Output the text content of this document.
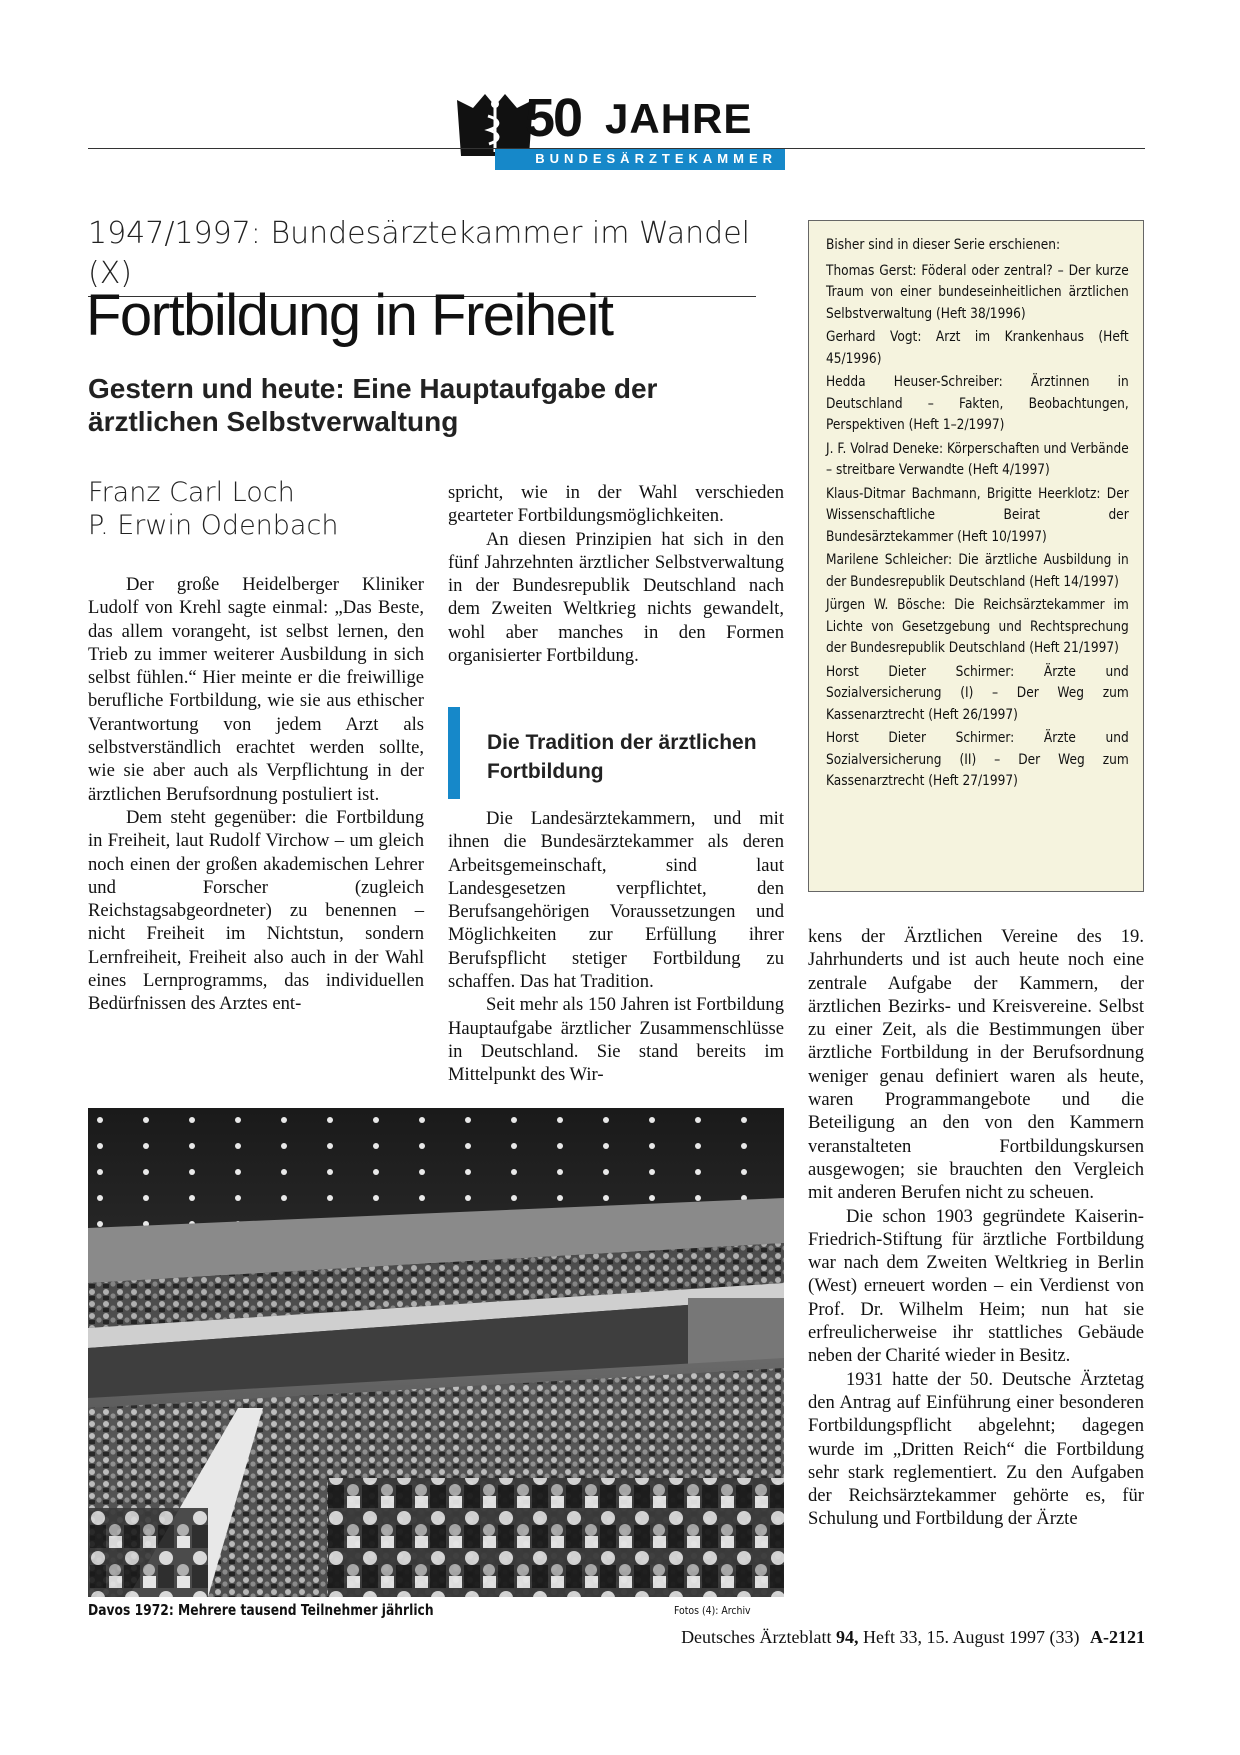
50 JAHRE
BUNDESÄRZTEKAMMER
1947/1997: Bundesärztekammer im Wandel (X)
Fortbildung in Freiheit
Gestern und heute: Eine Hauptaufgabe der ärztlichen Selbstverwaltung
Franz Carl Loch
P. Erwin Odenbach

Der große Heidelberger Kliniker Ludolf von Krehl sagte einmal: „Das Beste, das allem vorangeht, ist selbst lernen, den Trieb zu immer weiterer Ausbildung in sich selbst fühlen.“ Hier meinte er die freiwillige berufliche Fortbildung, wie sie aus ethischer Verantwortung von jedem Arzt als selbstverständlich erachtet werden sollte, wie sie aber auch als Verpflichtung in der ärztlichen Berufsordnung postuliert ist.

Dem steht gegenüber: die Fortbildung in Freiheit, laut Rudolf Virchow – um gleich noch einen der großen akademischen Lehrer und Forscher (zugleich Reichstagsabgeordneter) zu benennen – nicht Freiheit im Nichtstun, sondern Lernfreiheit, Freiheit also auch in der Wahl eines Lernprogramms, das individuellen Bedürfnissen des Arztes ent-

spricht, wie in der Wahl verschieden gearteter Fortbildungsmöglichkeiten.

An diesen Prinzipien hat sich in den fünf Jahrzehnten ärztlicher Selbstverwaltung in der Bundesrepublik Deutschland nach dem Zweiten Weltkrieg nichts gewandelt, wohl aber manches in den Formen organisierter Fortbildung.

Die Tradition der ärztlichen Fortbildung

Die Landesärztekammern, und mit ihnen die Bundesärztekammer als deren Arbeitsgemeinschaft, sind laut Landesgesetzen verpflichtet, den Berufsangehörigen Voraussetzungen und Möglichkeiten zur Erfüllung ihrer Berufspflicht stetiger Fortbildung zu schaffen. Das hat Tradition.

Seit mehr als 150 Jahren ist Fortbildung Hauptaufgabe ärztlicher Zusammenschlüsse in Deutschland. Sie stand bereits im Mittelpunkt des Wir-

Bisher sind in dieser Serie erschienen:
Thomas Gerst: Föderal oder zentral? – Der kurze Traum von einer bundeseinheitlichen ärztlichen Selbstverwaltung (Heft 38/1996)
Gerhard Vogt: Arzt im Krankenhaus (Heft 45/1996)
Hedda Heuser-Schreiber: Ärztinnen in Deutschland – Fakten, Beobachtungen, Perspektiven (Heft 1–2/1997)
J. F. Volrad Deneke: Körperschaften und Verbände – streitbare Verwandte (Heft 4/1997)
Klaus-Ditmar Bachmann, Brigitte Heerklotz: Der Wissenschaftliche Beirat der Bundesärztekammer (Heft 10/1997)
Marilene Schleicher: Die ärztliche Ausbildung in der Bundesrepublik Deutschland (Heft 14/1997)
Jürgen W. Bösche: Die Reichsärztekammer im Lichte von Gesetzgebung und Rechtsprechung der Bundesrepublik Deutschland (Heft 21/1997)
Horst Dieter Schirmer: Ärzte und Sozialversicherung (I) – Der Weg zum Kassenarztrecht (Heft 26/1997)
Horst Dieter Schirmer: Ärzte und Sozialversicherung (II) – Der Weg zum Kassenarztrecht (Heft 27/1997)

kens der Ärztlichen Vereine des 19. Jahrhunderts und ist auch heute noch eine zentrale Aufgabe der Kammern, der ärztlichen Bezirks- und Kreisvereine. Selbst zu einer Zeit, als die Bestimmungen über ärztliche Fortbildung in der Berufsordnung weniger genau definiert waren als heute, waren Programmangebote und die Beteiligung an den von den Kammern veranstalteten Fortbildungskursen ausgewogen; sie brauchten den Vergleich mit anderen Berufen nicht zu scheuen.

Die schon 1903 gegründete Kaiserin-Friedrich-Stiftung für ärztliche Fortbildung war nach dem Zweiten Weltkrieg in Berlin (West) erneuert worden – ein Verdienst von Prof. Dr. Wilhelm Heim; nun hat sie erfreulicherweise ihr stattliches Gebäude neben der Charité wieder in Besitz.

1931 hatte der 50. Deutsche Ärztetag den Antrag auf Einführung einer besonderen Fortbildungspflicht abgelehnt; dagegen wurde im „Dritten Reich“ die Fortbildung sehr stark reglementiert. Zu den Aufgaben der Reichsärztekammer gehörte es, für Schulung und Fortbildung der Ärzte

Davos 1972: Mehrere tausend Teilnehmer jährlich	Fotos (4): Archiv
Deutsches Ärzteblatt 94, Heft 33, 15. August 1997 (33) A-2121
